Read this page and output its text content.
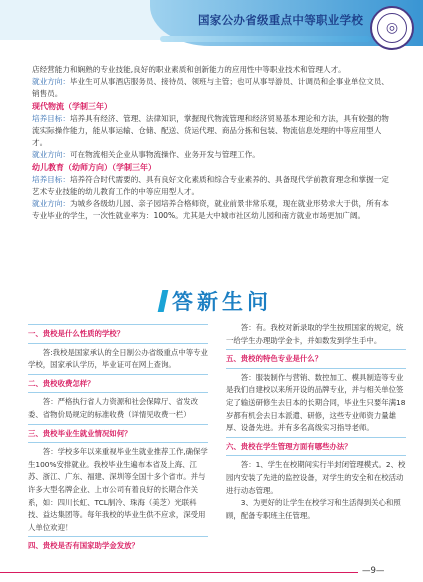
国家公办省级重点中等职业学校	◎

店经营能力和娴熟的专业技能,良好的职业素质和创新能力的应用性中等职业技术和管理人才。

就业方向：毕业生可从事酒店服务员、接待员、领班与主管；也可从事导游员、计调员和企事业单位文员、销售员。

现代物流（学制三年）

培养目标：培养具有经济、管理、法律知识，掌握现代物流管理和经济贸易基本理论和方法，具有较强的物流实际操作能力，能从事运输、仓储、配送、货运代理、商品分拣和包装、物流信息处理的中等应用型人才。

就业方向：可在物流相关企业从事物流操作、业务开发与管理工作。

幼儿教育（幼师方向）（学制三年）

培养目标：培养符合时代需要的、具有良好文化素质和综合专业素养的、具备现代学前教育理念和掌握一定艺术专业技能的幼儿教育工作的中等应用型人才。

就业方向：为城乡各级幼儿园、亲子园培养合格师资，就业前景非常乐观，现在就业形势求大于供，所有本专业毕业的学生，一次性就业率为：100%。尤其是大中城市社区幼儿园和南方就业市场更加广阔。

答新生问

一、贵校是什么性质的学校？

答:我校是国家承认的全日制公办省级重点中等专业学校，国家承认学历，毕业证可在网上查询。

二、贵校收费怎样？

答：严格执行省人力资源和社会保障厅、省发改委、省物价局规定的标准收费（详情见收费一栏）

三、贵校毕业生就业情况如何？

答：学校多年以来重视毕业生就业推荐工作,确保学生100%安排就业。我校毕业生遍布本省及上海、江苏、浙江、广东、福建、深圳等全国十多个省市。并与许多大型名牌企业、上市公司有着良好的长期合作关系，如：四川长虹、TCL制冷、珠海（美芝）光联科技、益达集团等。每年我校的毕业生供不应求，深受用人单位欢迎！

四、贵校是否有国家助学金发放？

答：有。我校对新录取的学生按照国家的规定，统一给学生办理助学金卡，并如数发到学生手中。

五、贵校的特色专业是什么？

答：服装制作与营销、数控加工、模具制造等专业是我们自建校以来所开设的品牌专业，并与相关单位签定了输送研修生去日本的长期合同，毕业生只要年满18岁都有机会去日本派遣、研修，这些专业师资力量雄厚、设备先进。并有多名高级实习指导老师。

六、贵校在学生管理方面有哪些办法？

答：1、学生在校期间实行半封闭管理模式。2、校园内安装了先进的监控设备，对学生的安全和在校活动进行动态管理。

3、为更好的让学生在校学习和生活得到关心和照顾，配备专职班主任管理。

—9—
